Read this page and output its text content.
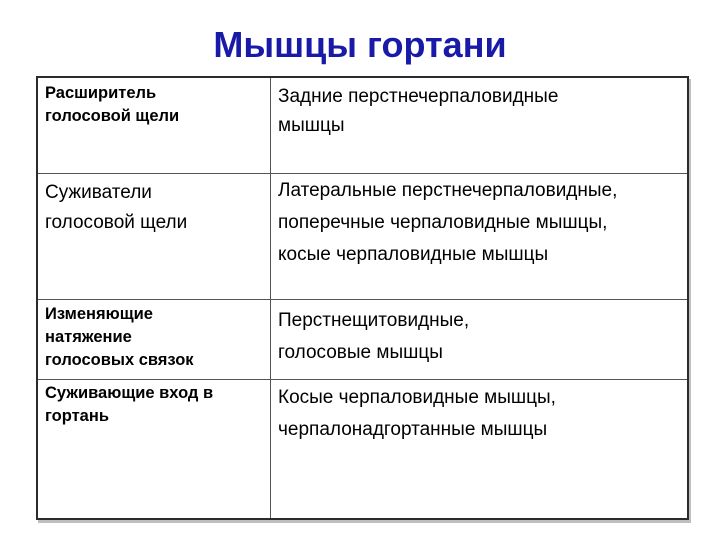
Мышцы гортани
Расширитель
голосовой щели	Задние перстнечерпаловидные
мышцы

Суживатели
голосовой щели	Латеральные перстнечерпаловидные,
поперечные черпаловидные мышцы,
косые черпаловидные мышцы

Изменяющие
натяжение
голосовых связок	Перстнещитовидные,
голосовые мышцы

Суживающие вход в
гортань	Косые черпаловидные мышцы,
черпалонадгортанные мышцы
